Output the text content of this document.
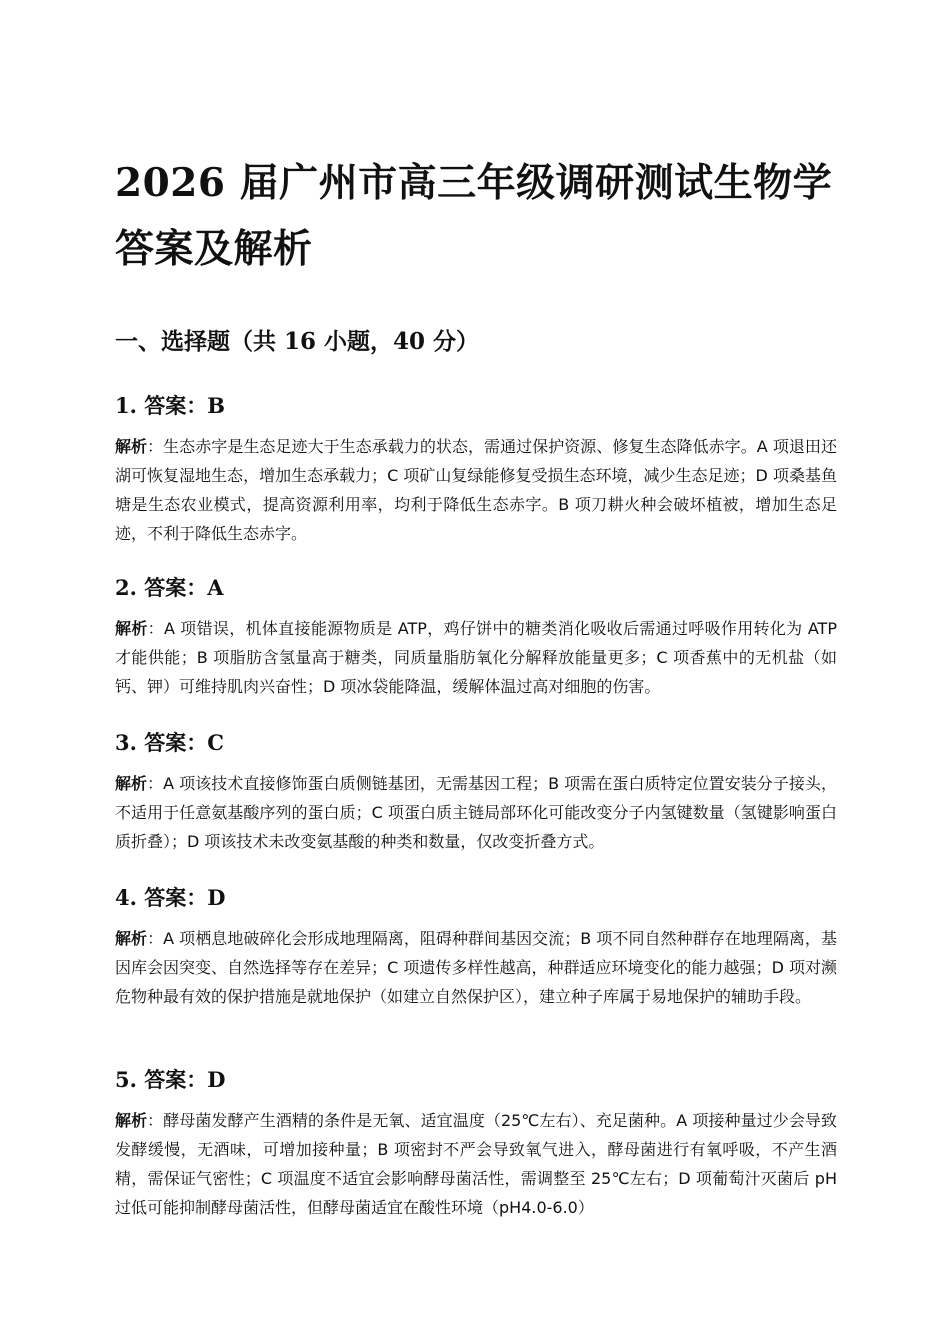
2026 届广州市高三年级调研测试生物学答案及解析
一、选择题（共 16 小题，40 分）

1. 答案：B

解析：生态赤字是生态足迹大于生态承载力的状态，需通过保护资源、修复生态降低赤字。A 项退田还湖可恢复湿地生态，增加生态承载力；C 项矿山复绿能修复受损生态环境，减少生态足迹；D 项桑基鱼塘是生态农业模式，提高资源利用率，均利于降低生态赤字。B 项刀耕火种会破坏植被，增加生态足迹，不利于降低生态赤字。

2. 答案：A

解析：A 项错误，机体直接能源物质是 ATP，鸡仔饼中的糖类消化吸收后需通过呼吸作用转化为 ATP 才能供能；B 项脂肪含氢量高于糖类，同质量脂肪氧化分解释放能量更多；C 项香蕉中的无机盐（如钙、钾）可维持肌肉兴奋性；D 项冰袋能降温，缓解体温过高对细胞的伤害。

3. 答案：C

解析：A 项该技术直接修饰蛋白质侧链基团，无需基因工程；B 项需在蛋白质特定位置安装分子接头，不适用于任意氨基酸序列的蛋白质；C 项蛋白质主链局部环化可能改变分子内氢键数量（氢键影响蛋白质折叠）；D 项该技术未改变氨基酸的种类和数量，仅改变折叠方式。

4. 答案：D

解析：A 项栖息地破碎化会形成地理隔离，阻碍种群间基因交流；B 项不同自然种群存在地理隔离，基因库会因突变、自然选择等存在差异；C 项遗传多样性越高，种群适应环境变化的能力越强；D 项对濒危物种最有效的保护措施是就地保护（如建立自然保护区），建立种子库属于易地保护的辅助手段。

5. 答案：D

解析：酵母菌发酵产生酒精的条件是无氧、适宜温度（25℃左右）、充足菌种。A 项接种量过少会导致发酵缓慢，无酒味，可增加接种量；B 项密封不严会导致氧气进入，酵母菌进行有氧呼吸，不产生酒精，需保证气密性；C 项温度不适宜会影响酵母菌活性，需调整至 25℃左右；D 项葡萄汁灭菌后 pH 过低可能抑制酵母菌活性，但酵母菌适宜在酸性环境（pH4.0-6.0）
